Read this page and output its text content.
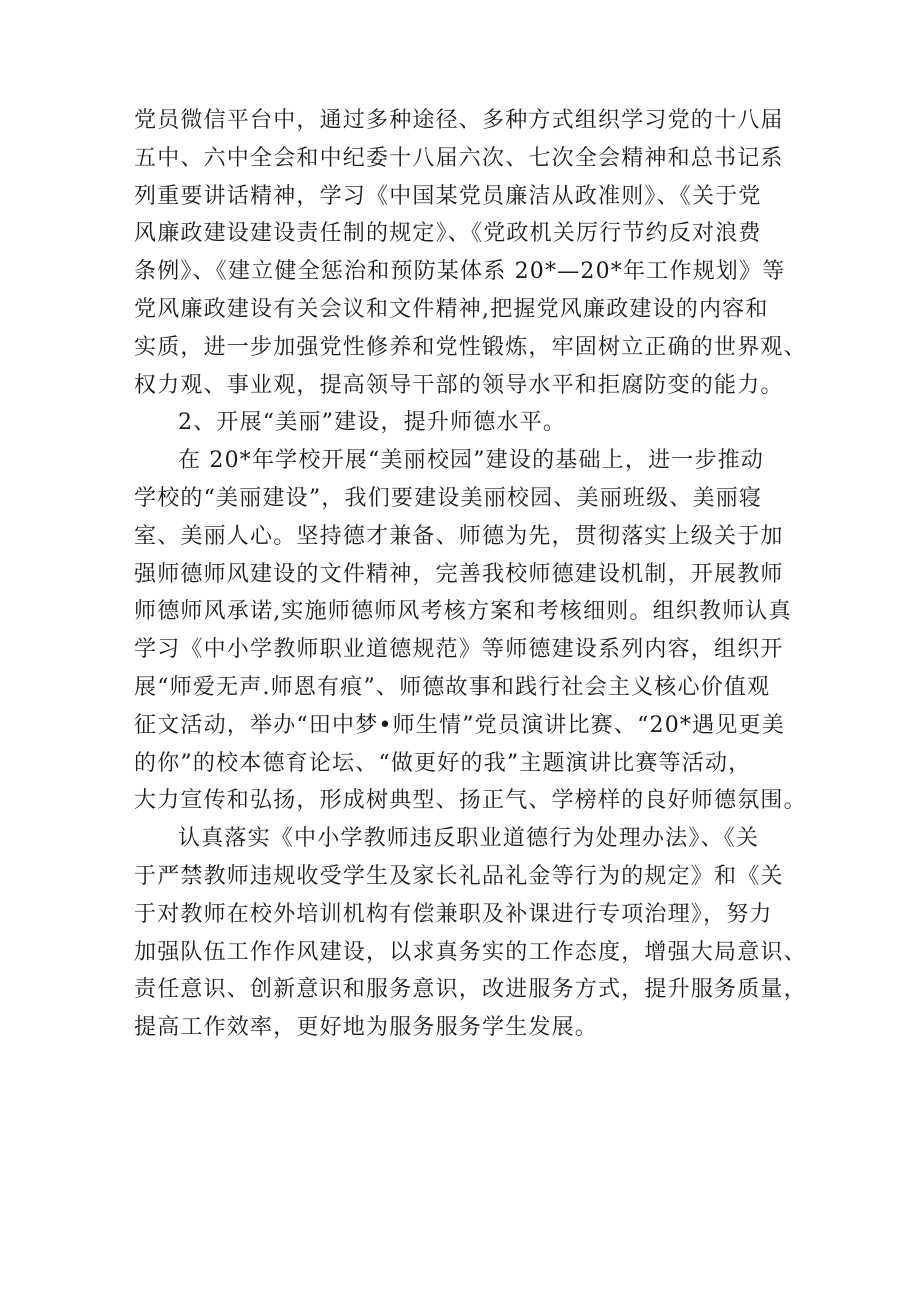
党员微信平台中，通过多种途径、多种方式组织学习党的十八届
五中、六中全会和中纪委十八届六次、七次全会精神和总书记系
列重要讲话精神，学习《中国某党员廉洁从政准则》、《关于党
风廉政建设建设责任制的规定》、《党政机关厉行节约反对浪费
条例》、《建立健全惩治和预防某体系 20*—20*年工作规划》等
党风廉政建设有关会议和文件精神,把握党风廉政建设的内容和
实质，进一步加强党性修养和党性锻炼，牢固树立正确的世界观、
权力观、事业观，提高领导干部的领导水平和拒腐防变的能力。
2、开展“美丽”建设，提升师德水平。
在 20*年学校开展“美丽校园”建设的基础上，进一步推动
学校的“美丽建设”，我们要建设美丽校园、美丽班级、美丽寝
室、美丽人心。坚持德才兼备、师德为先，贯彻落实上级关于加
强师德师风建设的文件精神，完善我校师德建设机制，开展教师
师德师风承诺,实施师德师风考核方案和考核细则。组织教师认真
学习《中小学教师职业道德规范》等师德建设系列内容，组织开
展“师爱无声.师恩有痕”、师德故事和践行社会主义核心价值观
征文活动，举办“田中梦•师生情”党员演讲比赛、“20*遇见更美
的你”的校本德育论坛、“做更好的我”主题演讲比赛等活动，
大力宣传和弘扬，形成树典型、扬正气、学榜样的良好师德氛围。
认真落实《中小学教师违反职业道德行为处理办法》、《关
于严禁教师违规收受学生及家长礼品礼金等行为的规定》和《关
于对教师在校外培训机构有偿兼职及补课进行专项治理》，努力
加强队伍工作作风建设，以求真务实的工作态度，增强大局意识、
责任意识、创新意识和服务意识，改进服务方式，提升服务质量，
提高工作效率，更好地为服务服务学生发展。
